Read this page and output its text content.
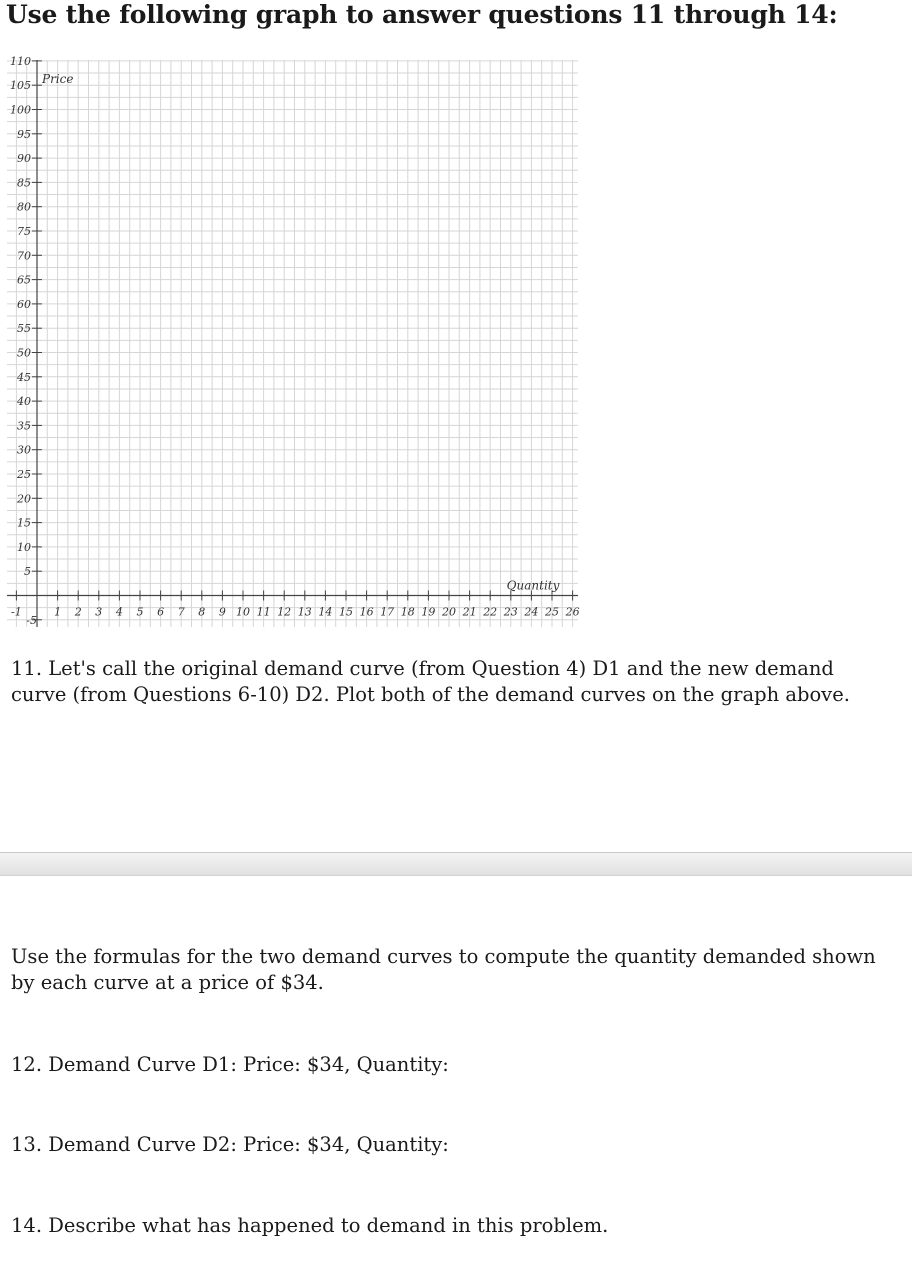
Use the following graph to answer questions 11 through 14:
110
105
100
95
90
85
80
75
70
65
60
55
50
45
40
35
30
25
20
15
10
5
-5
-1	1 2 3 4 5 6 7 8 9 10 11 12 13 14 15 16 17 18 19 20 21 22 23 24 25 26
Price
Quantity

11. Let's call the original demand curve (from Question 4) D1 and the new demand curve (from Questions 6-10) D2. Plot both of the demand curves on the graph above.

Use the formulas for the two demand curves to compute the quantity demanded shown by each curve at a price of $34.

12. Demand Curve D1: Price: $34, Quantity:

13. Demand Curve D2: Price: $34, Quantity:

14. Describe what has happened to demand in this problem.
